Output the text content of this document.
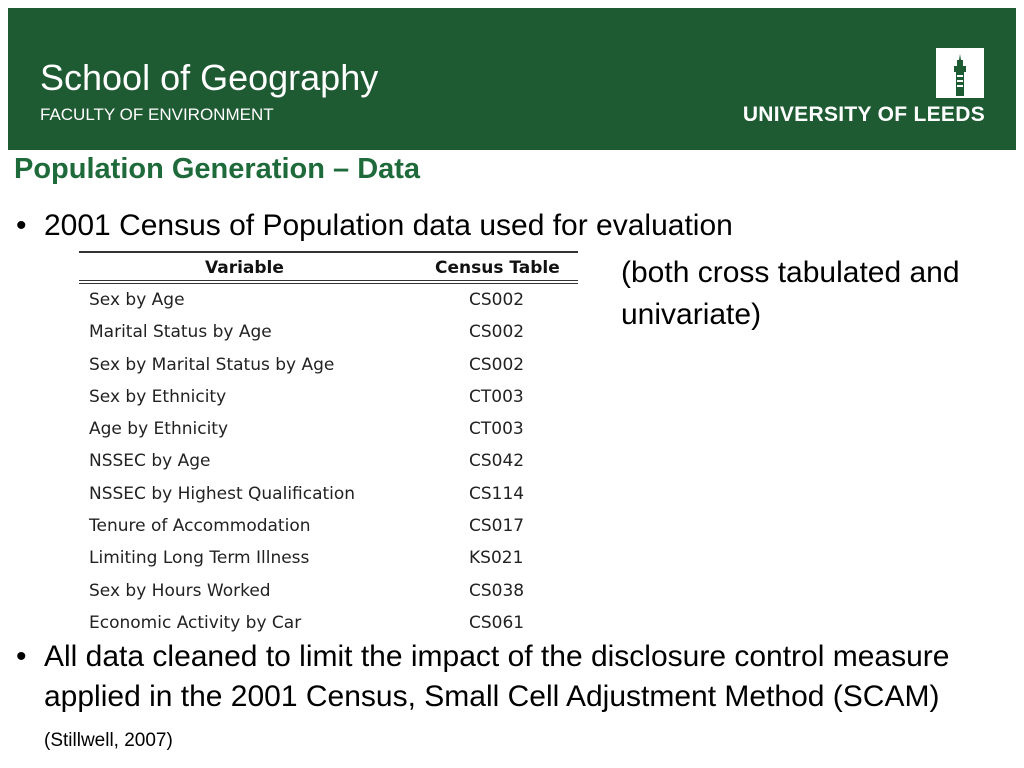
School of Geography
FACULTY OF ENVIRONMENT	UNIVERSITY OF LEEDS
Population Generation – Data
• 2001 Census of Population data used for evaluation
(both cross tabulated and univariate)
Variable	Census Table
Sex by Age	CS002
Marital Status by Age	CS002
Sex by Marital Status by Age	CS002
Sex by Ethnicity	CT003
Age by Ethnicity	CT003
NSSEC by Age	CS042
NSSEC by Highest Qualification	CS114
Tenure of Accommodation	CS017
Limiting Long Term Illness	KS021
Sex by Hours Worked	CS038
Economic Activity by Car	CS061
• All data cleaned to limit the impact of the disclosure control measure applied in the 2001 Census, Small Cell Adjustment Method (SCAM) (Stillwell, 2007)
